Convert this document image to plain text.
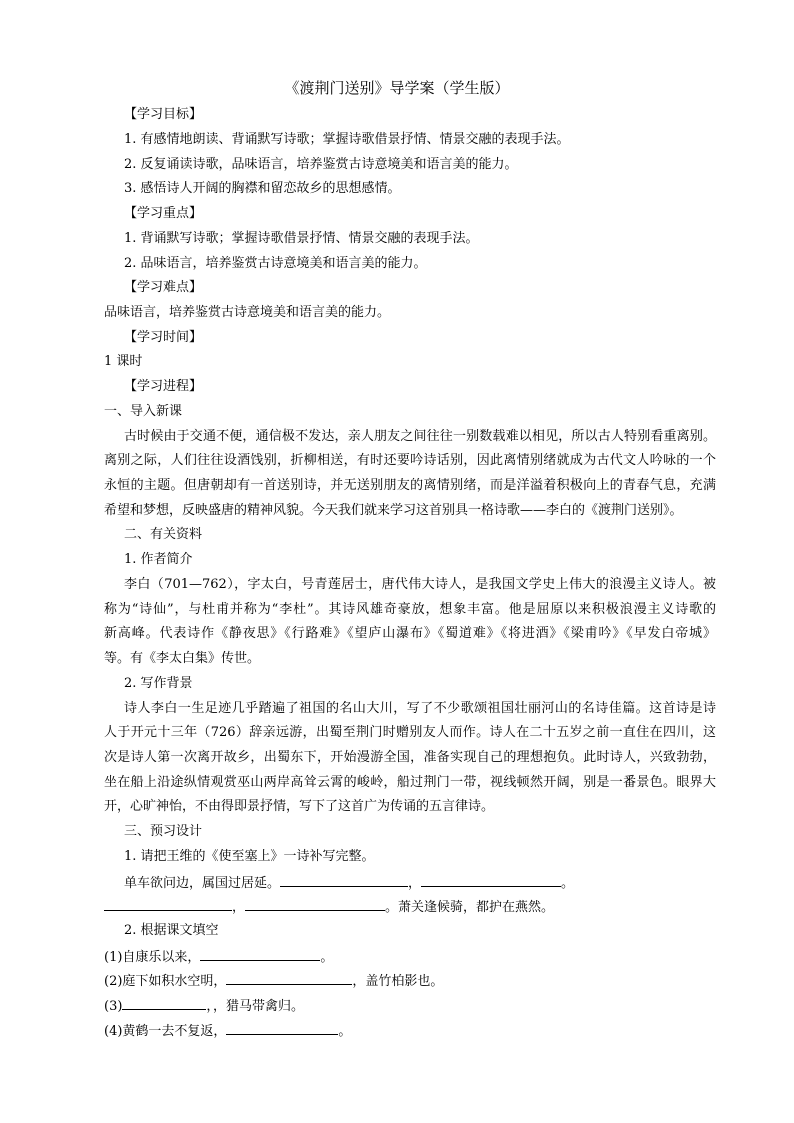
《渡荆门送别》导学案（学生版）
【学习目标】
1. 有感情地朗读、背诵默写诗歌；掌握诗歌借景抒情、情景交融的表现手法。
2. 反复诵读诗歌，品味语言，培养鉴赏古诗意境美和语言美的能力。
3. 感悟诗人开阔的胸襟和留恋故乡的思想感情。
【学习重点】
1. 背诵默写诗歌；掌握诗歌借景抒情、情景交融的表现手法。
2. 品味语言，培养鉴赏古诗意境美和语言美的能力。
【学习难点】
品味语言，培养鉴赏古诗意境美和语言美的能力。
【学习时间】
1 课时
【学习进程】
一、导入新课
古时候由于交通不便，通信极不发达，亲人朋友之间往往一别数载难以相见，所以古人特别看重离别。
离别之际，人们往往设酒饯别，折柳相送，有时还要吟诗话别，因此离情别绪就成为古代文人吟咏的一个
永恒的主题。但唐朝却有一首送别诗，并无送别朋友的离情别绪，而是洋溢着积极向上的青春气息，充满
希望和梦想，反映盛唐的精神风貌。今天我们就来学习这首别具一格诗歌——李白的《渡荆门送别》。
二、有关资料
1. 作者简介
李白（701—762），字太白，号青莲居士，唐代伟大诗人，是我国文学史上伟大的浪漫主义诗人。被
称为“诗仙”，与杜甫并称为“李杜”。其诗风雄奇豪放，想象丰富。他是屈原以来积极浪漫主义诗歌的
新高峰。代表诗作《静夜思》《行路难》《望庐山瀑布》《蜀道难》《将进酒》《梁甫吟》《早发白帝城》
等。有《李太白集》传世。
2. 写作背景
诗人李白一生足迹几乎踏遍了祖国的名山大川，写了不少歌颂祖国壮丽河山的名诗佳篇。这首诗是诗
人于开元十三年（726）辞亲远游，出蜀至荆门时赠别友人而作。诗人在二十五岁之前一直住在四川，这
次是诗人第一次离开故乡，出蜀东下，开始漫游全国，准备实现自己的理想抱负。此时诗人，兴致勃勃，
坐在船上沿途纵情观赏巫山两岸高耸云霄的峻岭，船过荆门一带，视线顿然开阔，别是一番景色。眼界大
开，心旷神怡，不由得即景抒情，写下了这首广为传诵的五言律诗。
三、预习设计
1. 请把王维的《使至塞上》一诗补写完整。
单车欲问边，属国过居延。	，	。
，	。萧关逢候骑，都护在燕然。
2. 根据课文填空
(1)自康乐以来，	。
(2)庭下如积水空明，	，盖竹柏影也。
(3)	，，猎马带禽归。
(4)黄鹤一去不复返，	。
